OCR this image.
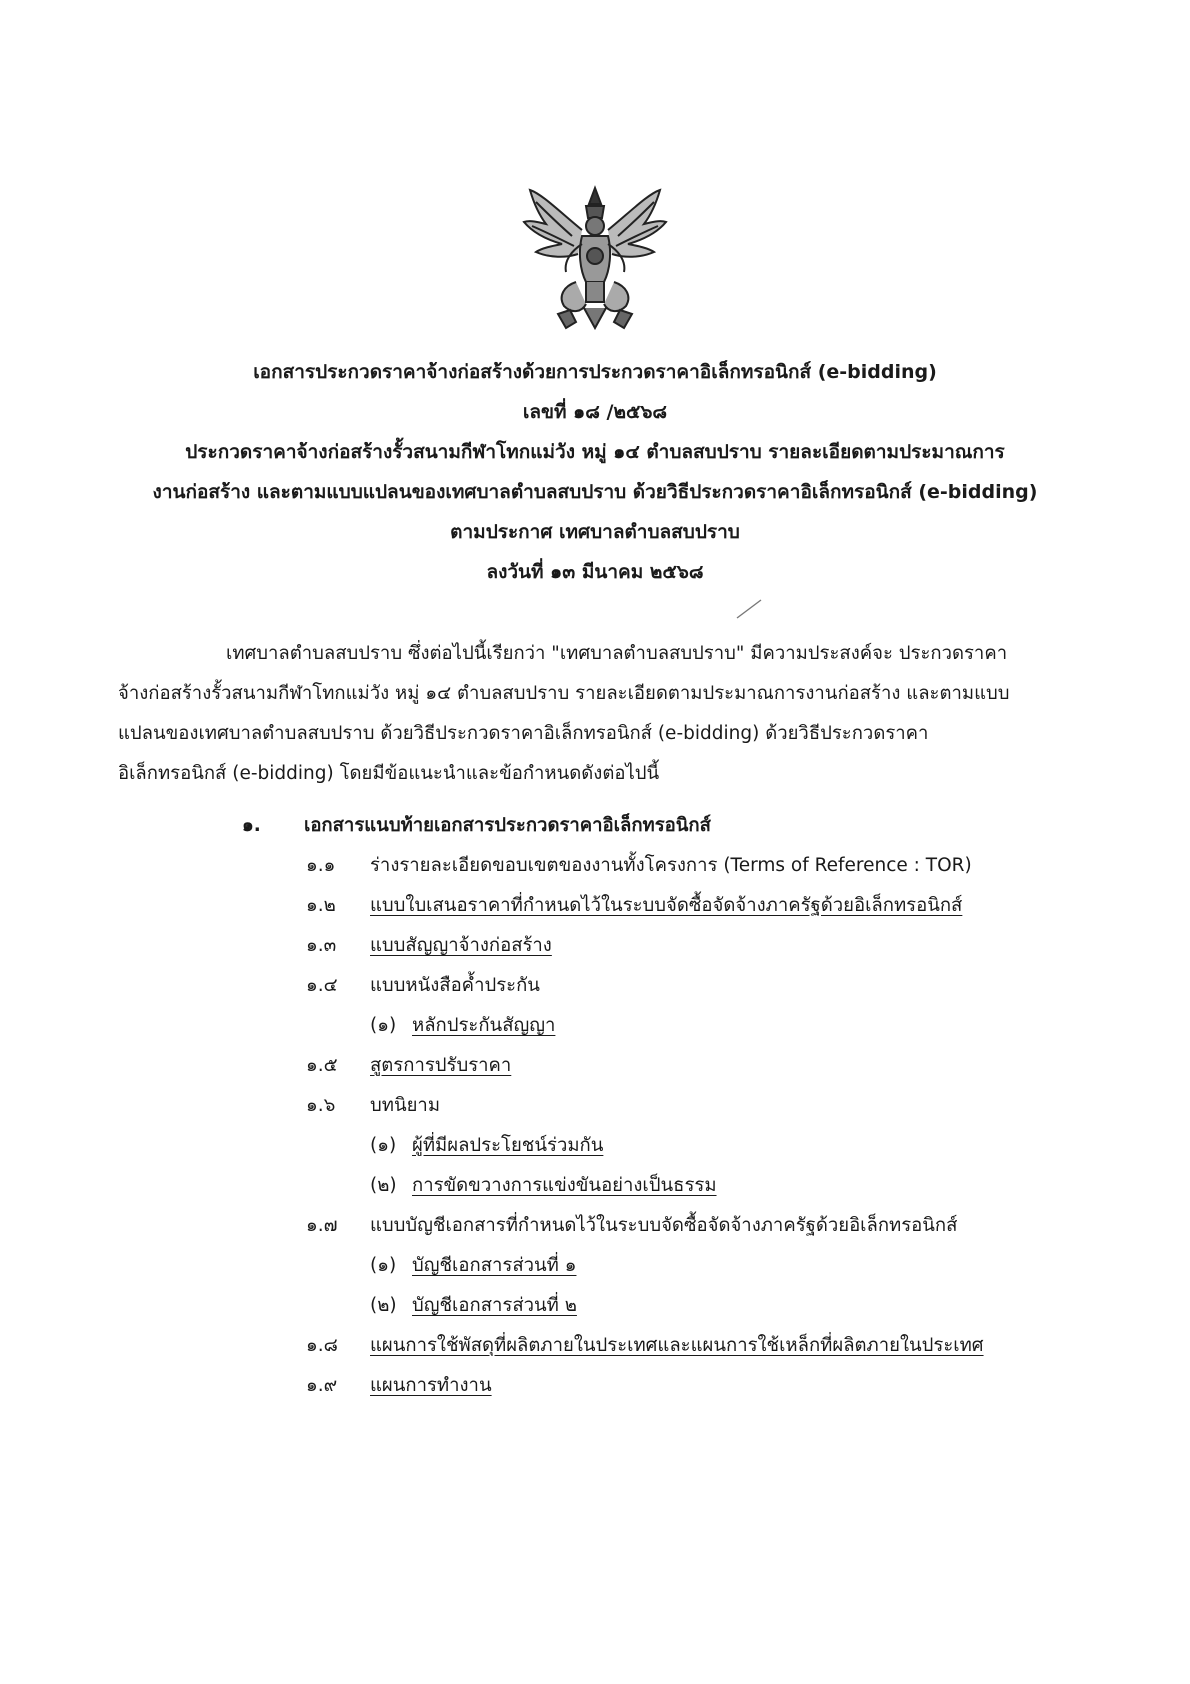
เอกสารประกวดราคาจ้างก่อสร้างด้วยการประกวดราคาอิเล็กทรอนิกส์ (e-bidding)
เลขที่ ๑๘ /๒๕๖๘
ประกวดราคาจ้างก่อสร้างรั้วสนามกีฬาโทกแม่วัง หมู่ ๑๔ ตำบลสบปราบ รายละเอียดตามประมาณการ
งานก่อสร้าง และตามแบบแปลนของเทศบาลตำบลสบปราบ ด้วยวิธีประกวดราคาอิเล็กทรอนิกส์ (e-bidding)
ตามประกาศ เทศบาลตำบลสบปราบ
ลงวันที่ ๑๓ มีนาคม ๒๕๖๘
เทศบาลตำบลสบปราบ ซึ่งต่อไปนี้เรียกว่า "เทศบาลตำบลสบปราบ" มีความประสงค์จะ ประกวดราคา
จ้างก่อสร้างรั้วสนามกีฬาโทกแม่วัง หมู่ ๑๔ ตำบลสบปราบ รายละเอียดตามประมาณการงานก่อสร้าง และตามแบบ
แปลนของเทศบาลตำบลสบปราบ ด้วยวิธีประกวดราคาอิเล็กทรอนิกส์ (e-bidding) ด้วยวิธีประกวดราคา
อิเล็กทรอนิกส์ (e-bidding) โดยมีข้อแนะนำและข้อกำหนดดังต่อไปนี้
๑. เอกสารแนบท้ายเอกสารประกวดราคาอิเล็กทรอนิกส์
๑.๑ ร่างรายละเอียดขอบเขตของงานทั้งโครงการ (Terms of Reference : TOR)
๑.๒ แบบใบเสนอราคาที่กำหนดไว้ในระบบจัดซื้อจัดจ้างภาครัฐด้วยอิเล็กทรอนิกส์
๑.๓ แบบสัญญาจ้างก่อสร้าง
๑.๔ แบบหนังสือค้ำประกัน
(๑) หลักประกันสัญญา
๑.๕ สูตรการปรับราคา
๑.๖ บทนิยาม
(๑) ผู้ที่มีผลประโยชน์ร่วมกัน
(๒) การขัดขวางการแข่งขันอย่างเป็นธรรม
๑.๗ แบบบัญชีเอกสารที่กำหนดไว้ในระบบจัดซื้อจัดจ้างภาครัฐด้วยอิเล็กทรอนิกส์
(๑) บัญชีเอกสารส่วนที่ ๑
(๒) บัญชีเอกสารส่วนที่ ๒
๑.๘ แผนการใช้พัสดุที่ผลิตภายในประเทศและแผนการใช้เหล็กที่ผลิตภายในประเทศ
๑.๙ แผนการทำงาน
